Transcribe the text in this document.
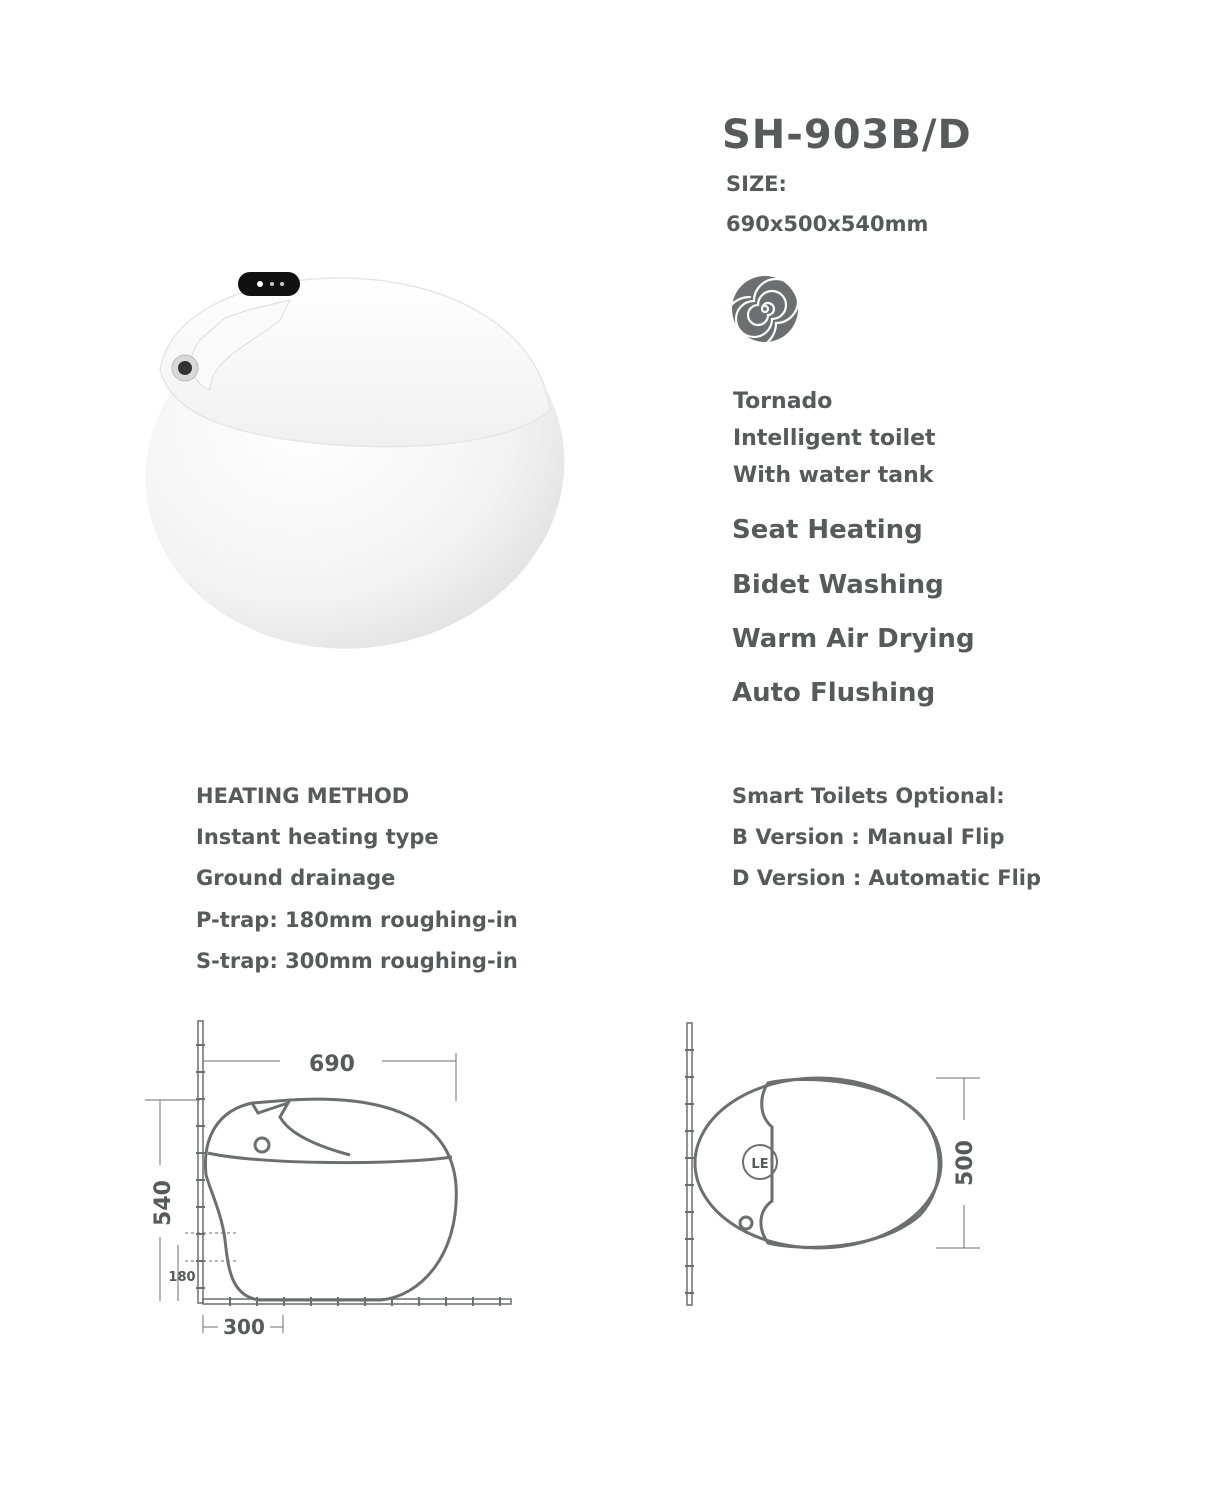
SH-903B/D
SIZE:
690x500x540mm
Tornado
Intelligent toilet
With water tank
Seat Heating
Bidet Washing
Warm Air Drying
Auto Flushing
HEATING METHOD
Instant heating type
Ground drainage
P-trap: 180mm roughing-in
S-trap: 300mm roughing-in
Smart Toilets Optional:
B Version : Manual Flip
D Version : Automatic Flip
690
540
180
300
LE	500
